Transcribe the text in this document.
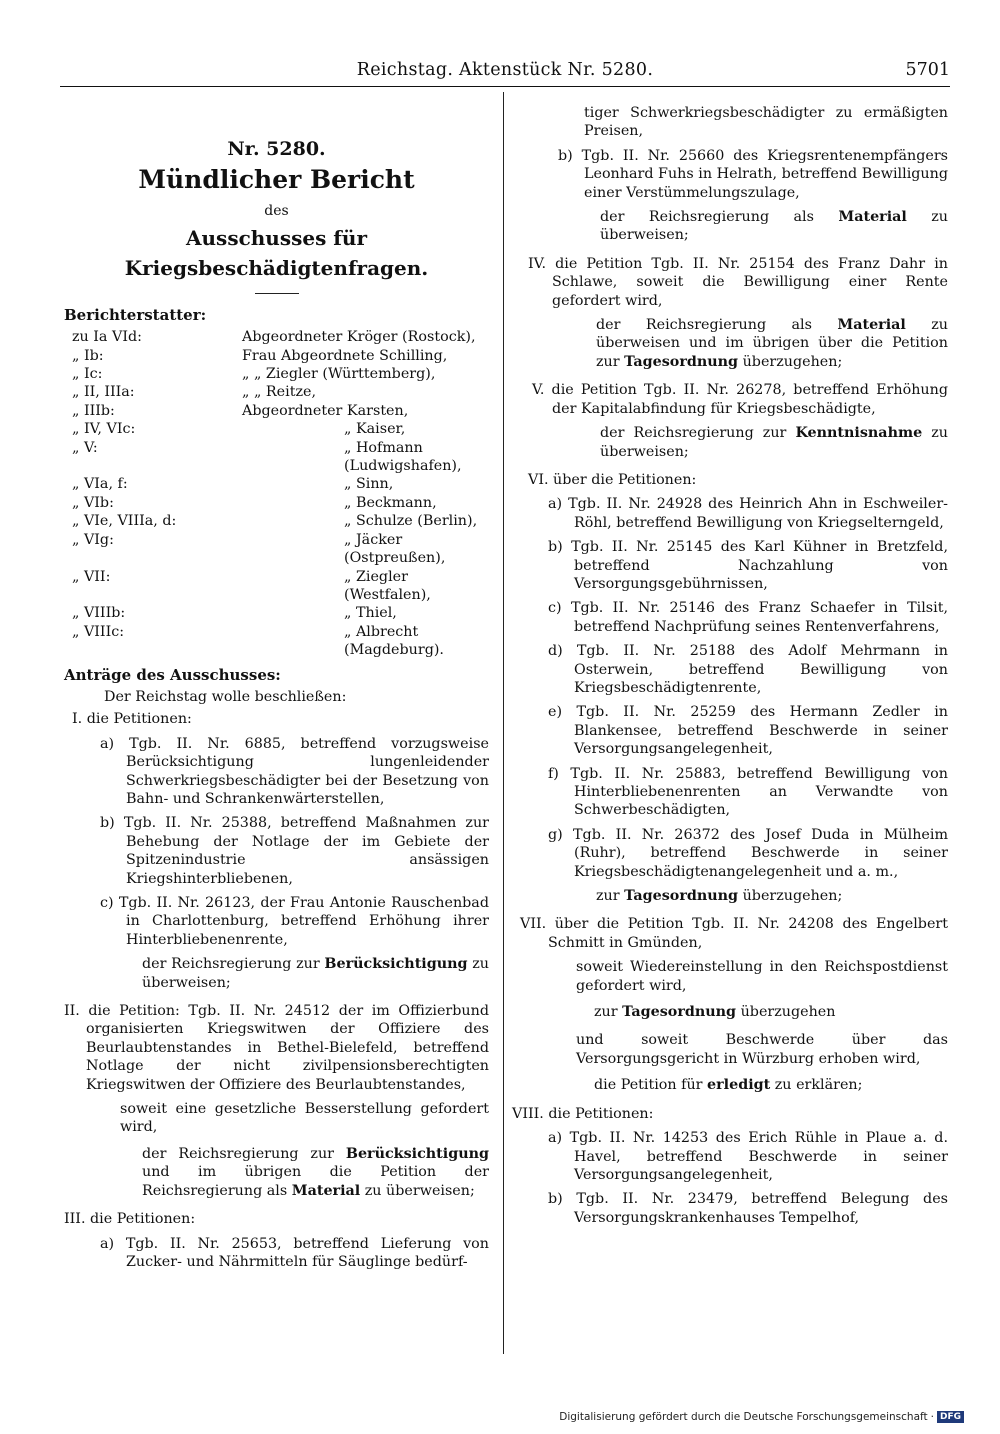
Reichstag. Aktenstück Nr. 5280.	5701
Nr. 5280.
Mündlicher Bericht
des
Ausschusses für Kriegsbeschädigtenfragen.
Berichterstatter:
zu Ia VId:	Abgeordneter Kröger (Rostock),
„ Ib:	Frau Abgeordnete Schilling,
„ Ic:	„ „ Ziegler (Württemberg),
„ II, IIIa:	„ „ Reitze,
„ IIIb:	Abgeordneter Karsten,
„ IV, VIc:	„ Kaiser,
„ V:	„ Hofmann (Ludwigshafen),
„ VIa, f:	„ Sinn,
„ VIb:	„ Beckmann,
„ VIe, VIIIa, d:	„ Schulze (Berlin),
„ VIg:	„ Jäcker (Ostpreußen),
„ VII:	„ Ziegler (Westfalen),
„ VIIIb:	„ Thiel,
„ VIIIc:	„ Albrecht (Magdeburg).
Anträge des Ausschusses:
Der Reichstag wolle beschließen:
I. die Petitionen:
a) Tgb. II. Nr. 6885, betreffend vorzugsweise Berücksichtigung lungenleidender Schwerkriegsbeschädigter bei der Besetzung von Bahn- und Schrankenwärterstellen,
b) Tgb. II. Nr. 25388, betreffend Maßnahmen zur Behebung der Notlage der im Gebiete der Spitzenindustrie ansässigen Kriegshinterbliebenen,
c) Tgb. II. Nr. 26123, der Frau Antonie Rauschenbad in Charlottenburg, betreffend Erhöhung ihrer Hinterbliebenenrente,
der Reichsregierung zur Berücksichtigung zu überweisen;
II. die Petition: Tgb. II. Nr. 24512 der im Offizierbund organisierten Kriegswitwen der Offiziere des Beurlaubtenstandes in Bethel-Bielefeld, betreffend Notlage der nicht zivilpensionsberechtigten Kriegswitwen der Offiziere des Beurlaubtenstandes,
soweit eine gesetzliche Besserstellung gefordert wird,
der Reichsregierung zur Berücksichtigung und im übrigen die Petition der Reichsregierung als Material zu überweisen;
III. die Petitionen:
a) Tgb. II. Nr. 25653, betreffend Lieferung von Zucker- und Nährmitteln für Säuglinge bedürf-
tiger Schwerkriegsbeschädigter zu ermäßigten Preisen,
b) Tgb. II. Nr. 25660 des Kriegsrentenempfängers Leonhard Fuhs in Helrath, betreffend Bewilligung einer Verstümmelungszulage,
der Reichsregierung als Material zu überweisen;
IV. die Petition Tgb. II. Nr. 25154 des Franz Dahr in Schlawe, soweit die Bewilligung einer Rente gefordert wird,
der Reichsregierung als Material zu überweisen und im übrigen über die Petition zur Tagesordnung überzugehen;
V. die Petition Tgb. II. Nr. 26278, betreffend Erhöhung der Kapitalabfindung für Kriegsbeschädigte,
der Reichsregierung zur Kenntnisnahme zu überweisen;
VI. über die Petitionen:
a) Tgb. II. Nr. 24928 des Heinrich Ahn in Eschweiler-Röhl, betreffend Bewilligung von Kriegselterngeld,
b) Tgb. II. Nr. 25145 des Karl Kühner in Bretzfeld, betreffend Nachzahlung von Versorgungsgebührnissen,
c) Tgb. II. Nr. 25146 des Franz Schaefer in Tilsit, betreffend Nachprüfung seines Rentenverfahrens,
d) Tgb. II. Nr. 25188 des Adolf Mehrmann in Osterwein, betreffend Bewilligung von Kriegsbeschädigtenrente,
e) Tgb. II. Nr. 25259 des Hermann Zedler in Blankensee, betreffend Beschwerde in seiner Versorgungsangelegenheit,
f) Tgb. II. Nr. 25883, betreffend Bewilligung von Hinterbliebenenrenten an Verwandte von Schwerbeschädigten,
g) Tgb. II. Nr. 26372 des Josef Duda in Mülheim (Ruhr), betreffend Beschwerde in seiner Kriegsbeschädigtenangelegenheit und a. m.,
zur Tagesordnung überzugehen;
VII. über die Petition Tgb. II. Nr. 24208 des Engelbert Schmitt in Gmünden,
soweit Wiedereinstellung in den Reichspostdienst gefordert wird,
zur Tagesordnung überzugehen
und soweit Beschwerde über das Versorgungsgericht in Würzburg erhoben wird,
die Petition für erledigt zu erklären;
VIII. die Petitionen:
a) Tgb. II. Nr. 14253 des Erich Rühle in Plaue a. d. Havel, betreffend Beschwerde in seiner Versorgungsangelegenheit,
b) Tgb. II. Nr. 23479, betreffend Belegung des Versorgungskrankenhauses Tempelhof,
Digitalisierung gefördert durch die Deutsche Forschungsgemeinschaft · DFG
